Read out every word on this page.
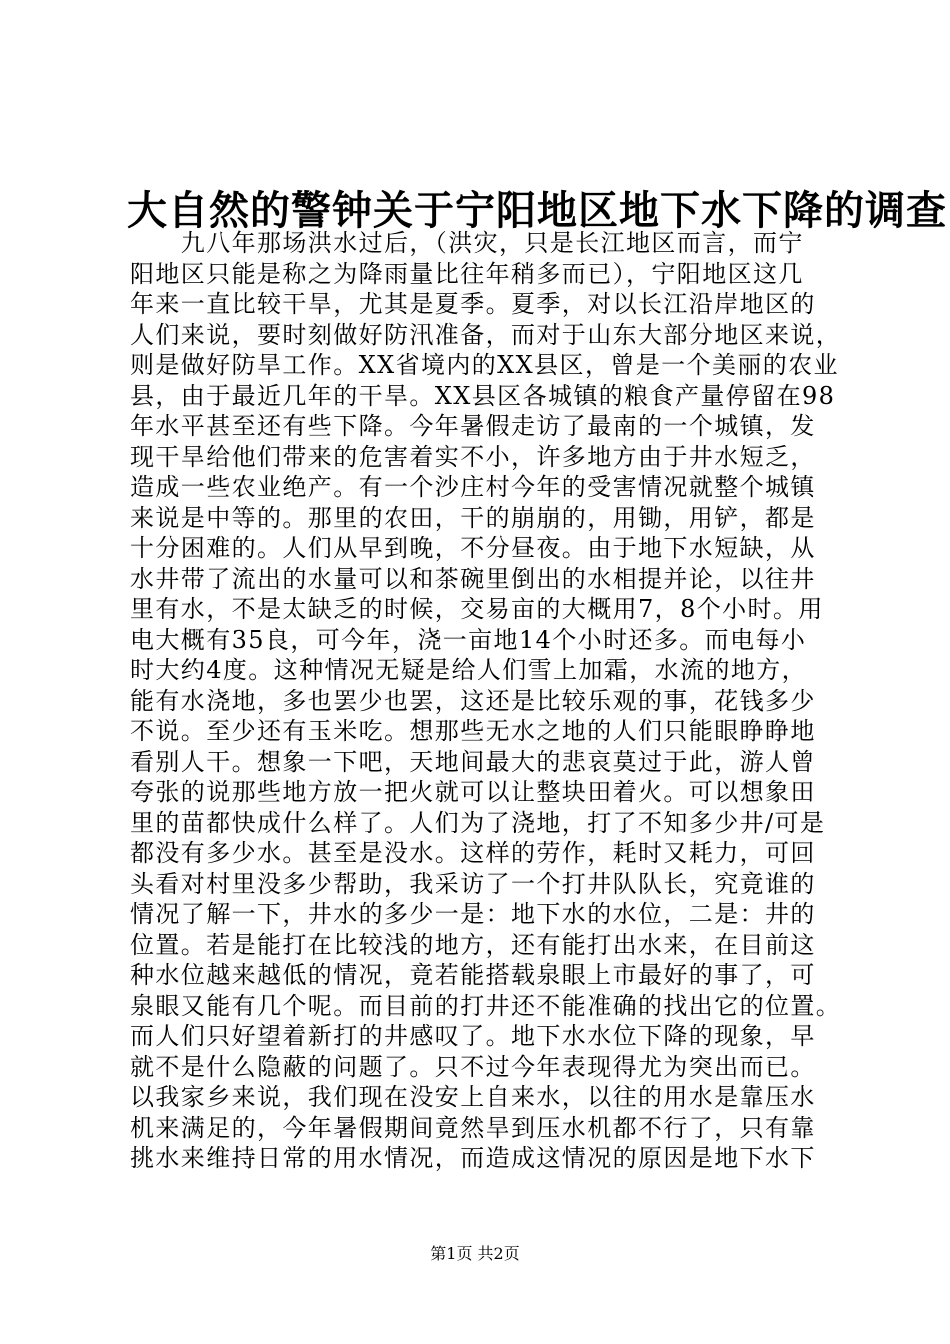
大自然的警钟关于宁阳地区地下水下降的调查
　　九八年那场洪水过后，（洪灾，只是长江地区而言，而宁
阳地区只能是称之为降雨量比往年稍多而已），宁阳地区这几
年来一直比较干旱，尤其是夏季。夏季，对以长江沿岸地区的
人们来说，要时刻做好防汛准备，而对于山东大部分地区来说，
则是做好防旱工作。XX省境内的XX县区，曾是一个美丽的农业
县，由于最近几年的干旱。XX县区各城镇的粮食产量停留在98
年水平甚至还有些下降。今年暑假走访了最南的一个城镇，发
现干旱给他们带来的危害着实不小，许多地方由于井水短乏，
造成一些农业绝产。有一个沙庄村今年的受害情况就整个城镇
来说是中等的。那里的农田，干的崩崩的，用锄，用铲，都是
十分困难的。人们从早到晚，不分昼夜。由于地下水短缺，从
水井带了流出的水量可以和茶碗里倒出的水相提并论，以往井
里有水，不是太缺乏的时候，交易亩的大概用7，8个小时。用
电大概有35良，可今年，浇一亩地14个小时还多。而电每小
时大约4度。这种情况无疑是给人们雪上加霜，水流的地方，
能有水浇地，多也罢少也罢，这还是比较乐观的事，花钱多少
不说。至少还有玉米吃。想那些无水之地的人们只能眼睁睁地
看别人干。想象一下吧，天地间最大的悲哀莫过于此，游人曾
夸张的说那些地方放一把火就可以让整块田着火。可以想象田
里的苗都快成什么样了。人们为了浇地，打了不知多少井/可是
都没有多少水。甚至是没水。这样的劳作，耗时又耗力，可回
头看对村里没多少帮助，我采访了一个打井队队长，究竟谁的
情况了解一下，井水的多少一是：地下水的水位，二是：井的
位置。若是能打在比较浅的地方，还有能打出水来，在目前这
种水位越来越低的情况，竟若能搭载泉眼上市最好的事了，可
泉眼又能有几个呢。而目前的打井还不能准确的找出它的位置。
而人们只好望着新打的井感叹了。地下水水位下降的现象，早
就不是什么隐蔽的问题了。只不过今年表现得尤为突出而已。
以我家乡来说，我们现在没安上自来水，以往的用水是靠压水
机来满足的，今年暑假期间竟然旱到压水机都不行了，只有靠
挑水来维持日常的用水情况，而造成这情况的原因是地下水下
第1页 共2页
